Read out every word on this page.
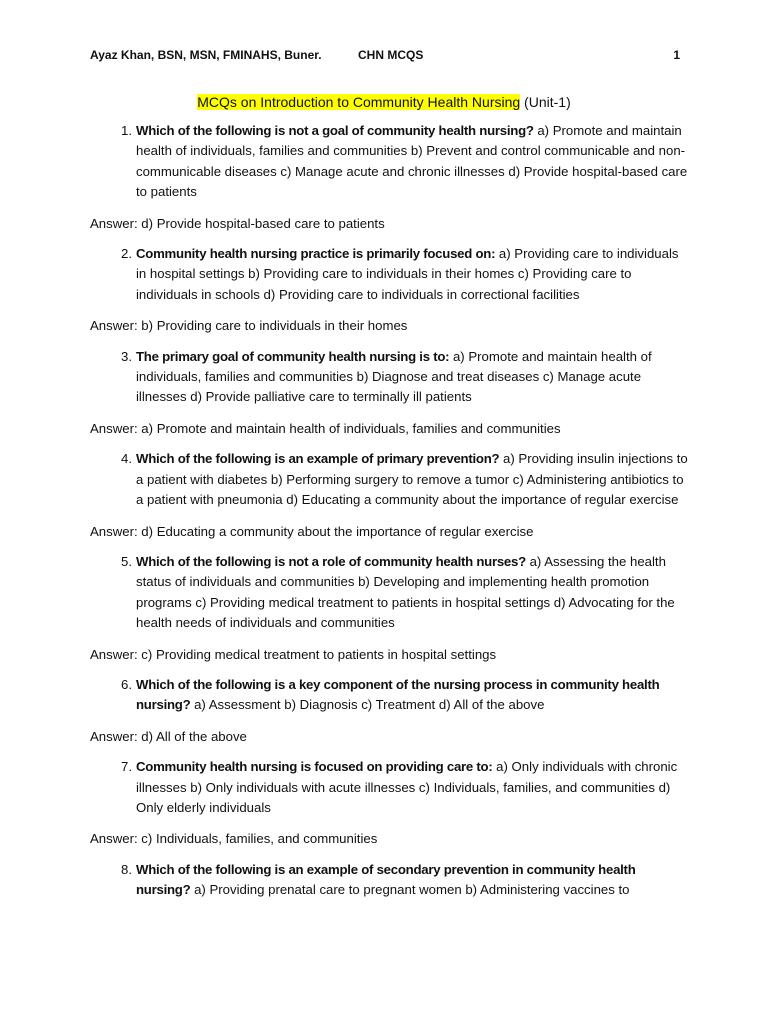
Ayaz Khan, BSN, MSN, FMINAHS, Buner.	CHN MCQS	1
MCQs on Introduction to Community Health Nursing (Unit-1)
1. Which of the following is not a goal of community health nursing? a) Promote and maintain health of individuals, families and communities b) Prevent and control communicable and non-communicable diseases c) Manage acute and chronic illnesses d) Provide hospital-based care to patients
Answer: d) Provide hospital-based care to patients
2. Community health nursing practice is primarily focused on: a) Providing care to individuals in hospital settings b) Providing care to individuals in their homes c) Providing care to individuals in schools d) Providing care to individuals in correctional facilities
Answer: b) Providing care to individuals in their homes
3. The primary goal of community health nursing is to: a) Promote and maintain health of individuals, families and communities b) Diagnose and treat diseases c) Manage acute illnesses d) Provide palliative care to terminally ill patients
Answer: a) Promote and maintain health of individuals, families and communities
4. Which of the following is an example of primary prevention? a) Providing insulin injections to a patient with diabetes b) Performing surgery to remove a tumor c) Administering antibiotics to a patient with pneumonia d) Educating a community about the importance of regular exercise
Answer: d) Educating a community about the importance of regular exercise
5. Which of the following is not a role of community health nurses? a) Assessing the health status of individuals and communities b) Developing and implementing health promotion programs c) Providing medical treatment to patients in hospital settings d) Advocating for the health needs of individuals and communities
Answer: c) Providing medical treatment to patients in hospital settings
6. Which of the following is a key component of the nursing process in community health nursing? a) Assessment b) Diagnosis c) Treatment d) All of the above
Answer: d) All of the above
7. Community health nursing is focused on providing care to: a) Only individuals with chronic illnesses b) Only individuals with acute illnesses c) Individuals, families, and communities d) Only elderly individuals
Answer: c) Individuals, families, and communities
8. Which of the following is an example of secondary prevention in community health nursing? a) Providing prenatal care to pregnant women b) Administering vaccines to
